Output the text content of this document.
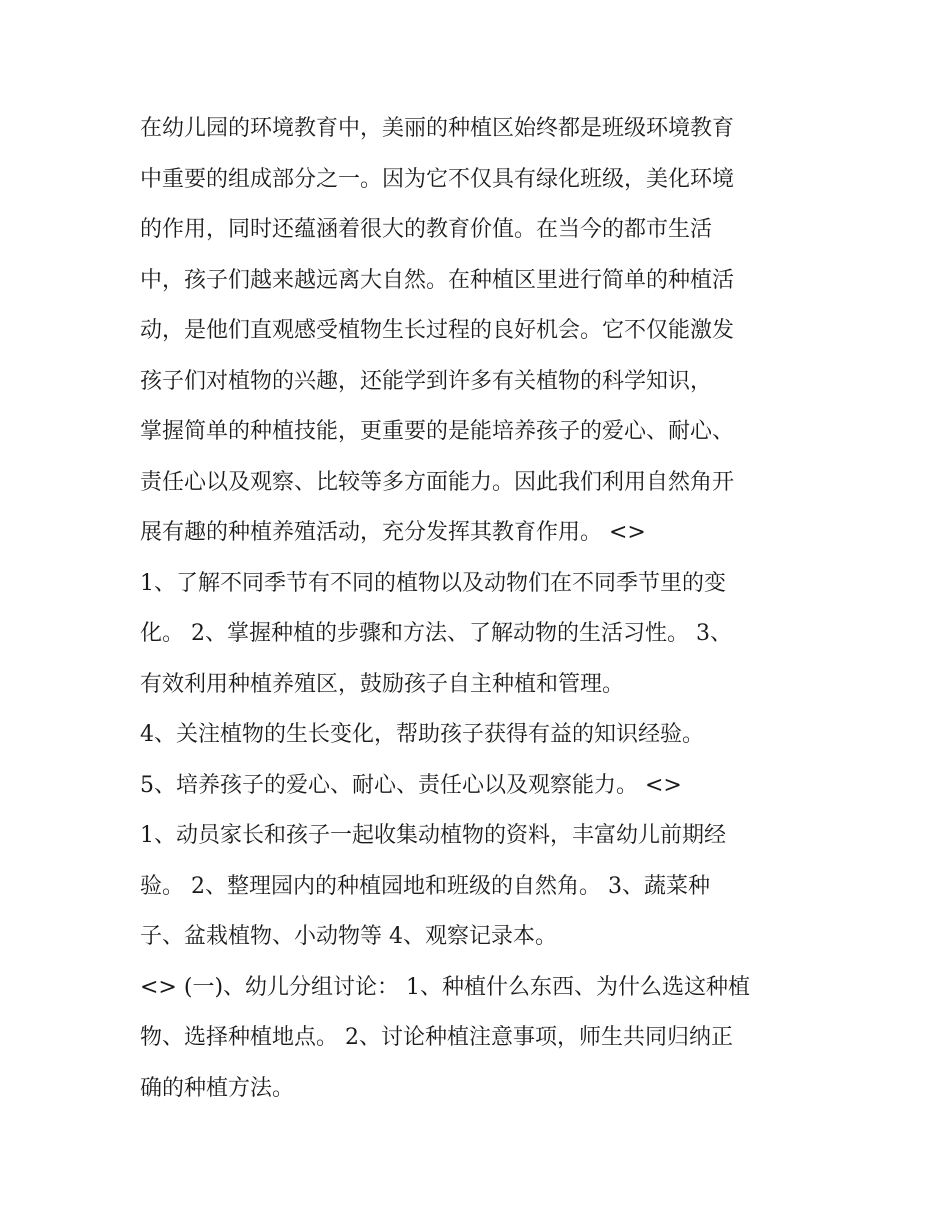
在幼儿园的环境教育中，美丽的种植区始终都是班级环境教育
中重要的组成部分之一。因为它不仅具有绿化班级，美化环境
的作用，同时还蕴涵着很大的教育价值。在当今的都市生活
中，孩子们越来越远离大自然。在种植区里进行简单的种植活
动，是他们直观感受植物生长过程的良好机会。它不仅能激发
孩子们对植物的兴趣，还能学到许多有关植物的科学知识，
掌握简单的种植技能，更重要的是能培养孩子的爱心、耐心、
责任心以及观察、比较等多方面能力。因此我们利用自然角开
展有趣的种植养殖活动，充分发挥其教育作用。 <>
1、了解不同季节有不同的植物以及动物们在不同季节里的变
化。 2、掌握种植的步骤和方法、了解动物的生活习性。 3、
有效利用种植养殖区，鼓励孩子自主种植和管理。
4、关注植物的生长变化，帮助孩子获得有益的知识经验。
5、培养孩子的爱心、耐心、责任心以及观察能力。 <>
1、动员家长和孩子一起收集动植物的资料，丰富幼儿前期经
验。 2、整理园内的种植园地和班级的自然角。 3、蔬菜种
子、盆栽植物、小动物等 4、观察记录本。
<> (一)、幼儿分组讨论： 1、种植什么东西、为什么选这种植
物、选择种植地点。 2、讨论种植注意事项，师生共同归纳正
确的种植方法。
